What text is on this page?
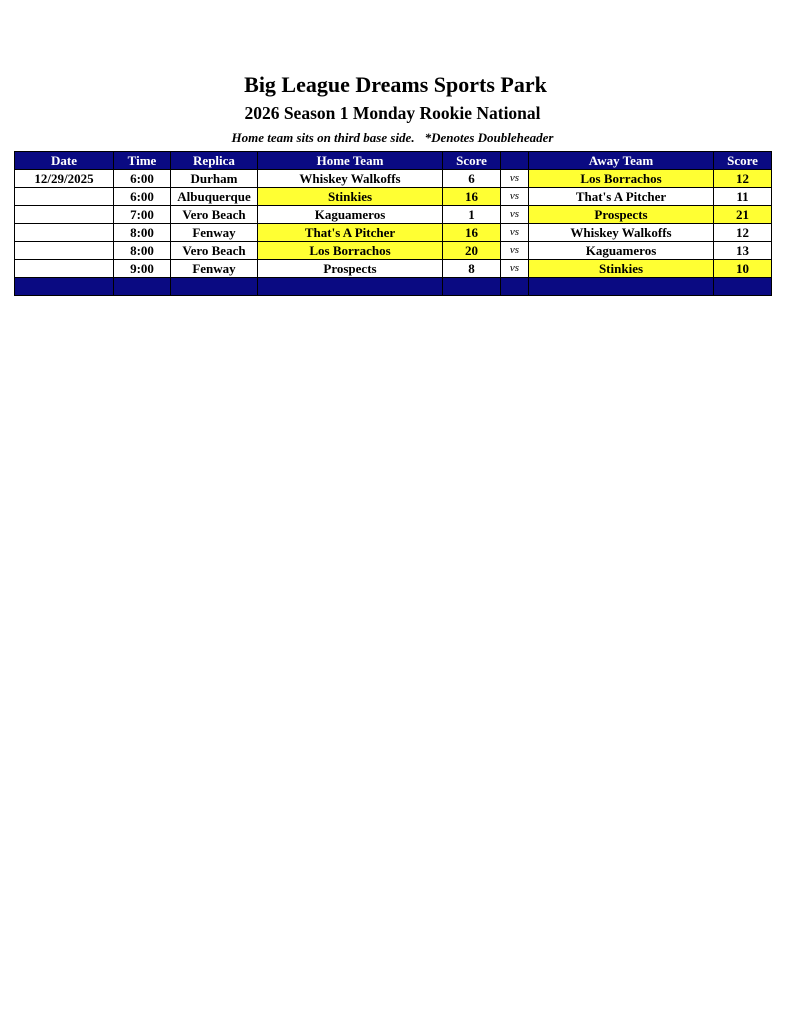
Big League Dreams Sports Park
2026 Season 1 Monday Rookie National
Home team sits on third base side. *Denotes Doubleheader
Date	Time	Replica	Home Team	Score		Away Team	Score
12/29/2025	6:00	Durham	Whiskey Walkoffs	6	vs	Los Borrachos	12
	6:00	Albuquerque	Stinkies	16	vs	That's A Pitcher	11
	7:00	Vero Beach	Kaguameros	1	vs	Prospects	21
	8:00	Fenway	That's A Pitcher	16	vs	Whiskey Walkoffs	12
	8:00	Vero Beach	Los Borrachos	20	vs	Kaguameros	13
	9:00	Fenway	Prospects	8	vs	Stinkies	10
